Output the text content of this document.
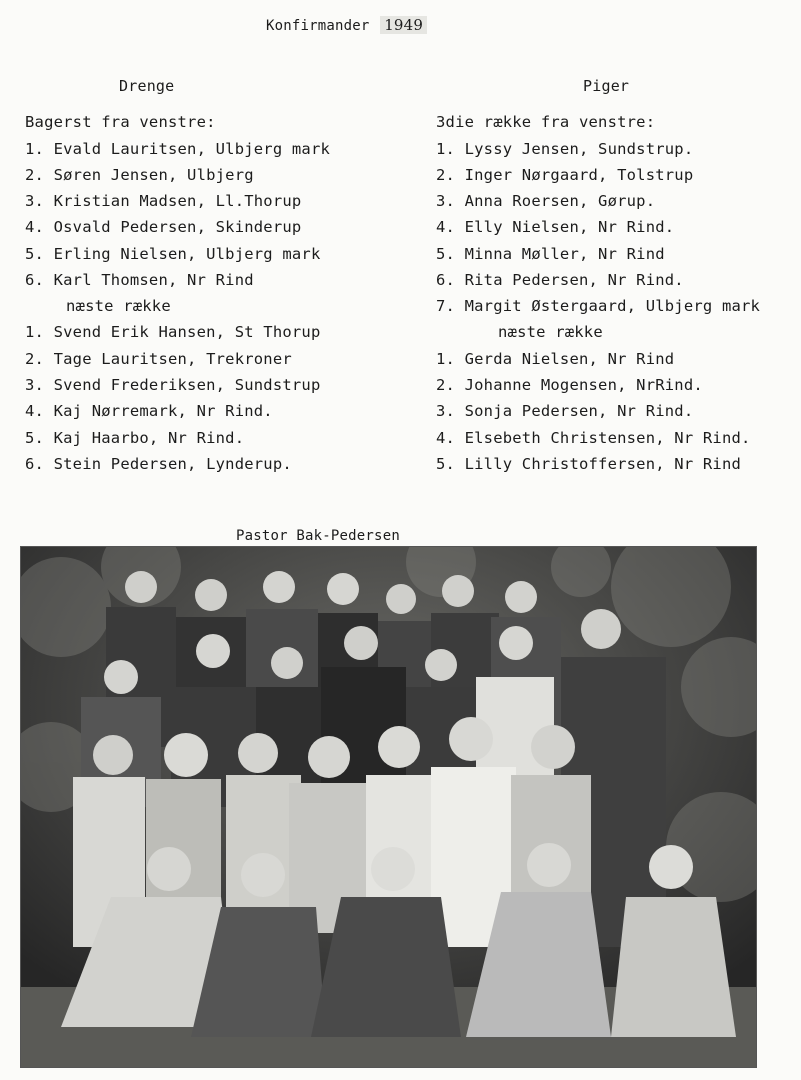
Konfirmander 1949
Drenge
Bagerst fra venstre:
1. Evald Lauritsen, Ulbjerg mark
2. Søren Jensen, Ulbjerg
3. Kristian Madsen, Ll.Thorup
4. Osvald Pedersen, Skinderup
5. Erling Nielsen, Ulbjerg mark
6. Karl Thomsen, Nr Rind
næste række
1. Svend Erik Hansen, St Thorup
2. Tage Lauritsen, Trekroner
3. Svend Frederiksen, Sundstrup
4. Kaj Nørremark, Nr Rind.
5. Kaj Haarbo, Nr Rind.
6. Stein Pedersen, Lynderup.
Piger
3die række fra venstre:
1. Lyssy Jensen, Sundstrup.
2. Inger Nørgaard, Tolstrup
3. Anna Roersen, Gørup.
4. Elly Nielsen, Nr Rind.
5. Minna Møller, Nr Rind
6. Rita Pedersen, Nr Rind.
7. Margit Østergaard, Ulbjerg mark
næste række
1. Gerda Nielsen, Nr Rind
2. Johanne Mogensen, NrRind.
3. Sonja Pedersen, Nr Rind.
4. Elsebeth Christensen, Nr Rind.
5. Lilly Christoffersen, Nr Rind
Pastor Bak-Pedersen
